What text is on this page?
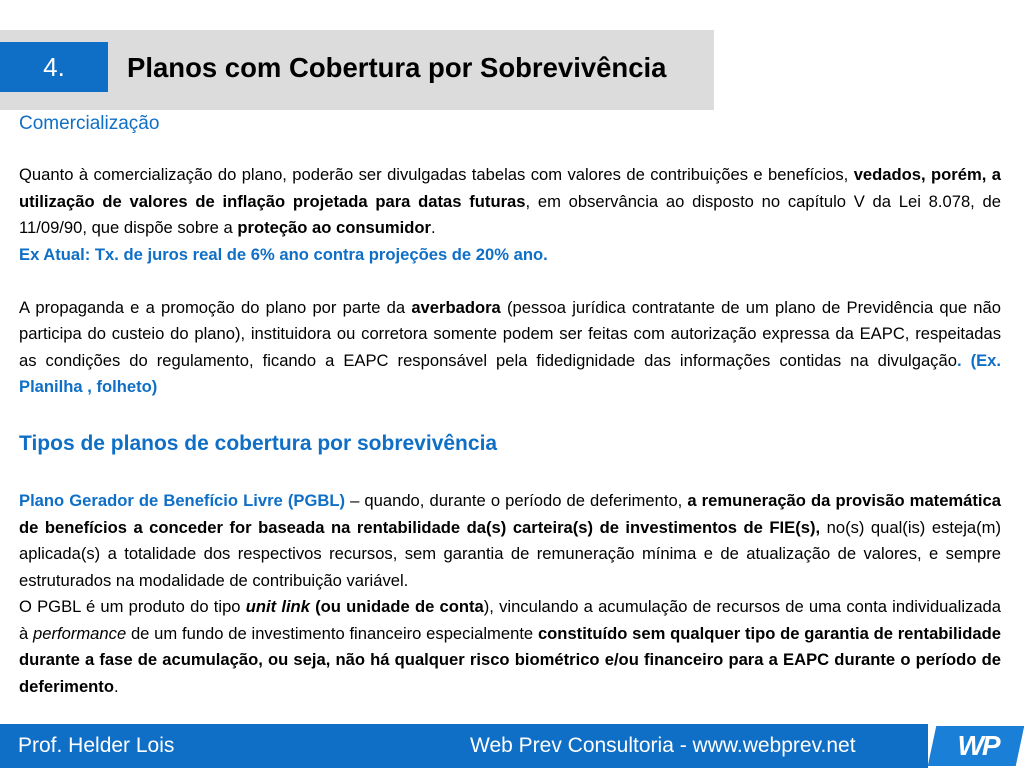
4.	Planos com Cobertura por Sobrevivência
Comercialização

Quanto à comercialização do plano, poderão ser divulgadas tabelas com valores de contribuições e benefícios, vedados, porém, a utilização de valores de inflação projetada para datas futuras, em observância ao disposto no capítulo V da Lei 8.078, de 11/09/90, que dispõe sobre a proteção ao consumidor.

Ex Atual: Tx. de juros real de 6% ano contra projeções de 20% ano.

A propaganda e a promoção do plano por parte da averbadora (pessoa jurídica contratante de um plano de Previdência que não participa do custeio do plano), instituidora ou corretora somente podem ser feitas com autorização expressa da EAPC, respeitadas as condições do regulamento, ficando a EAPC responsável pela fidedignidade das informações contidas na divulgação. (Ex. Planilha , folheto)

Tipos de planos de cobertura por sobrevivência

Plano Gerador de Benefício Livre (PGBL) – quando, durante o período de deferimento, a remuneração da provisão matemática de benefícios a conceder for baseada na rentabilidade da(s) carteira(s) de investimentos de FIE(s), no(s) qual(is) esteja(m) aplicada(s) a totalidade dos respectivos recursos, sem garantia de remuneração mínima e de atualização de valores, e sempre estruturados na modalidade de contribuição variável.

O PGBL é um produto do tipo unit link (ou unidade de conta), vinculando a acumulação de recursos de uma conta individualizada à performance de um fundo de investimento financeiro especialmente constituído sem qualquer tipo de garantia de rentabilidade durante a fase de acumulação, ou seja, não há qualquer risco biométrico e/ou financeiro para a EAPC durante o período de deferimento.

Prof. Helder Lois	Web Prev Consultoria - www.webprev.net	WP
